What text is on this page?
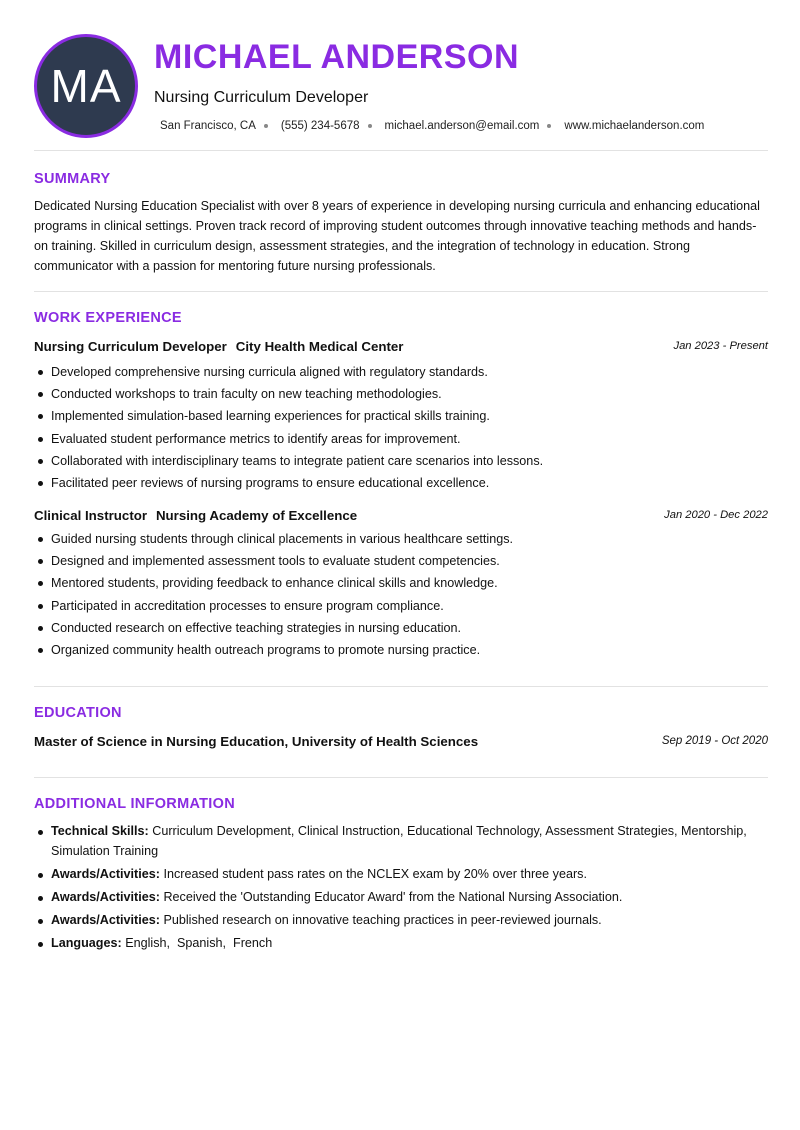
MA
MICHAEL ANDERSON
Nursing Curriculum Developer
San Francisco, CA (555) 234-5678 michael.anderson@email.com www.michaelanderson.com
SUMMARY
Dedicated Nursing Education Specialist with over 8 years of experience in developing nursing curricula and enhancing educational programs in clinical settings. Proven track record of improving student outcomes through innovative teaching methods and hands-on training. Skilled in curriculum design, assessment strategies, and the integration of technology in education. Strong communicator with a passion for mentoring future nursing professionals.
WORK EXPERIENCE
Nursing Curriculum Developer City Health Medical Center	Jan 2023 - Present
Developed comprehensive nursing curricula aligned with regulatory standards.
Conducted workshops to train faculty on new teaching methodologies.
Implemented simulation-based learning experiences for practical skills training.
Evaluated student performance metrics to identify areas for improvement.
Collaborated with interdisciplinary teams to integrate patient care scenarios into lessons.
Facilitated peer reviews of nursing programs to ensure educational excellence.
Clinical Instructor Nursing Academy of Excellence	Jan 2020 - Dec 2022
Guided nursing students through clinical placements in various healthcare settings.
Designed and implemented assessment tools to evaluate student competencies.
Mentored students, providing feedback to enhance clinical skills and knowledge.
Participated in accreditation processes to ensure program compliance.
Conducted research on effective teaching strategies in nursing education.
Organized community health outreach programs to promote nursing practice.
EDUCATION
Master of Science in Nursing Education, University of Health Sciences	Sep 2019 - Oct 2020
ADDITIONAL INFORMATION
Technical Skills: Curriculum Development, Clinical Instruction, Educational Technology, Assessment Strategies, Mentorship, Simulation Training
Awards/Activities: Increased student pass rates on the NCLEX exam by 20% over three years.
Awards/Activities: Received the 'Outstanding Educator Award' from the National Nursing Association.
Awards/Activities: Published research on innovative teaching practices in peer-reviewed journals.
Languages: English,  Spanish,  French
